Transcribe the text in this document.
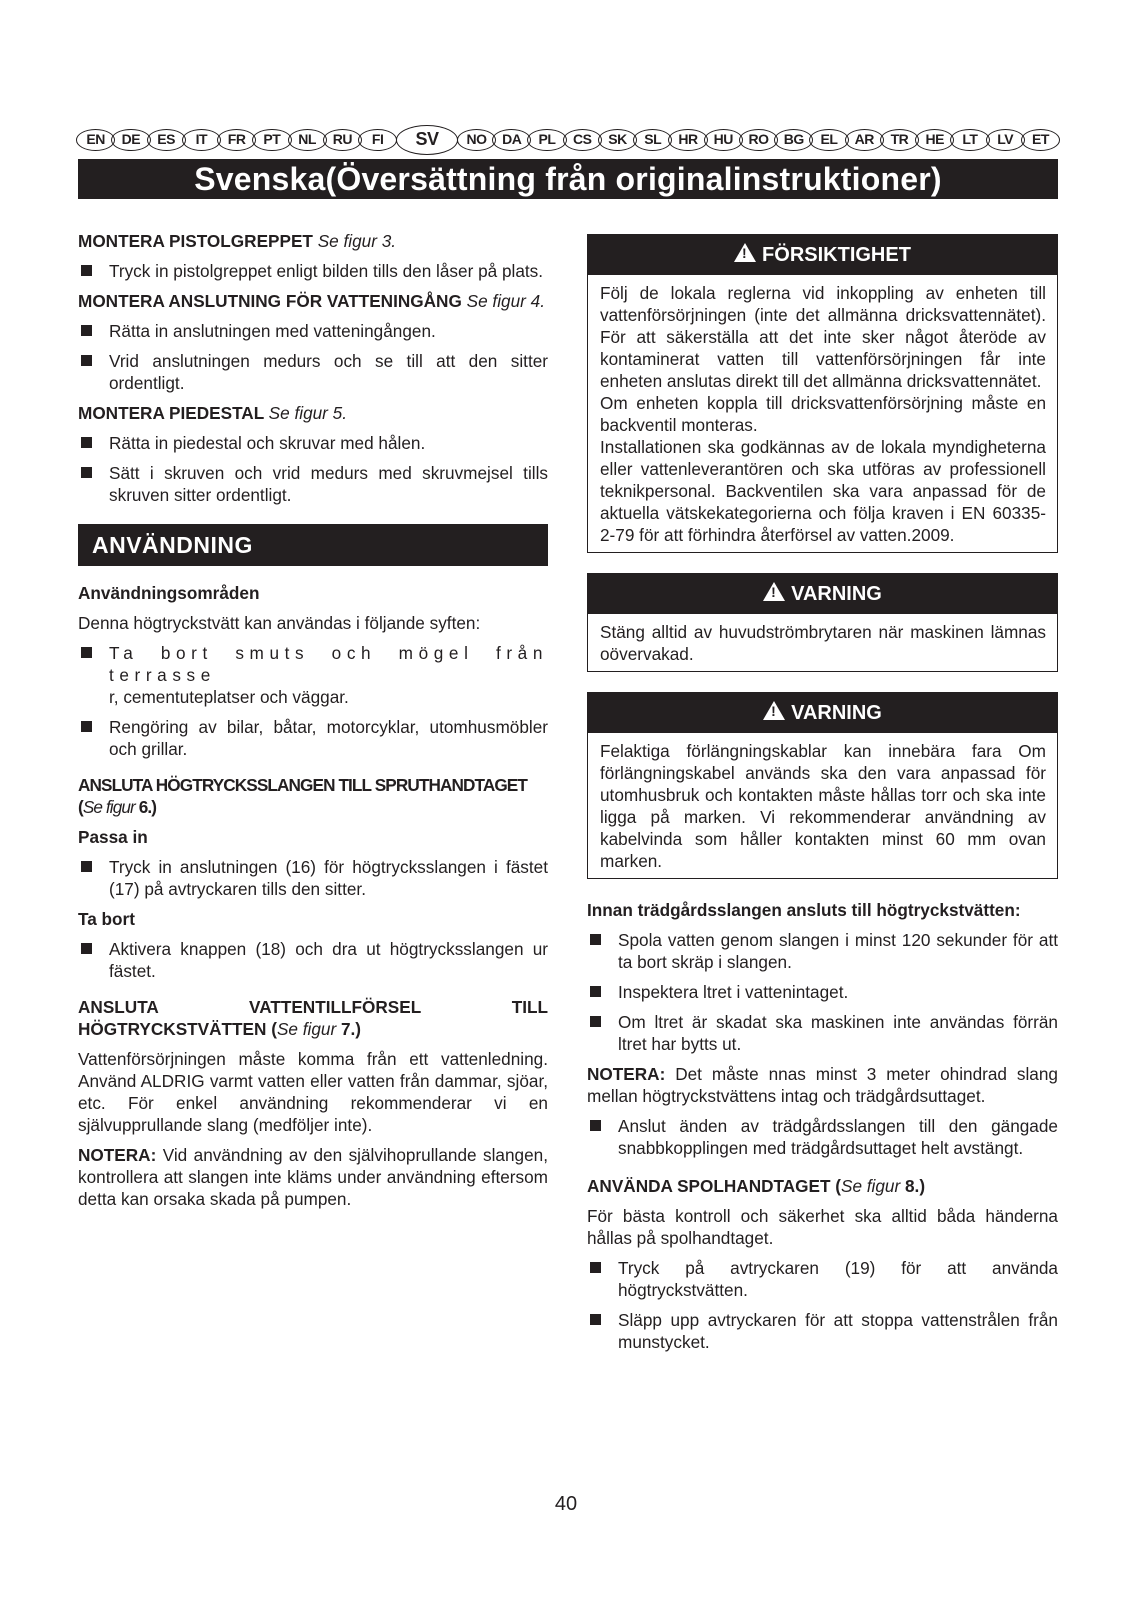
EN	DE	ES	IT	FR	PT	NL	RU	FI	SV	NO	DA	PL	CS	SK	SL	HR	HU	RO	BG	EL	AR	TR	HE	LT	LV	ET
Svenska(Översättning från originalinstruktioner)
MONTERA PISTOLGREPPET Se figur 3.
Tryck in pistolgreppet enligt bilden tills den låser på plats.
MONTERA ANSLUTNING FÖR VATTENINGÅNG Se figur 4.
Rätta in anslutningen med vatteningången.
Vrid anslutningen medurs och se till att den sitter ordentligt.
MONTERA PIEDESTAL Se figur 5.
Rätta in piedestal och skruvar med hålen.
Sätt i skruven och vrid medurs med skruvmejsel tills skruven sitter ordentligt.
ANVÄNDNING
Användningsområden
Denna högtryckstvätt kan användas i följande syften:
Ta bort smuts och mögel från terrasse
r, cementuteplatser och väggar.
Rengöring av bilar, båtar, motorcyklar, utomhusmöbler och grillar.
ANSLUTA HÖGTRYCKSSLANGEN TILL SPRUTHANDTAGET (Se figur 6.)
Passa in
Tryck in anslutningen (16) för högtrycksslangen i fästet (17) på avtryckaren tills den sitter.
Ta bort
Aktivera knappen (18) och dra ut högtrycksslangen ur fästet.
ANSLUTA VATTENTILLFÖRSEL TILL HÖGTRYCKSTVÄTTEN (Se figur 7.)
Vattenförsörjningen måste komma från ett vattenledning. Använd ALDRIG varmt vatten eller vatten från dammar, sjöar, etc. För enkel användning rekommenderar vi en självupprullande slang (medföljer inte).
NOTERA: Vid användning av den självihoprullande slangen, kontrollera att slangen inte kläms under användning eftersom detta kan orsaka skada på pumpen.
!FÖRSIKTIGHET
Följ de lokala reglerna vid inkoppling av enheten till vattenförsörjningen (inte det allmänna dricksvattennätet). För att säkerställa att det inte sker något återöde av kontaminerat vatten till vattenförsörjningen får inte enheten anslutas direkt till det allmänna dricksvattennätet.
Om enheten koppla till dricksvattenförsörjning måste en backventil monteras.
Installationen ska godkännas av de lokala myndigheterna eller vattenleverantören och ska utföras av professionell teknikpersonal. Backventilen ska vara anpassad för de aktuella vätskekategorierna och följa kraven i EN 60335- 2-79 för att förhindra återförsel av vatten.2009.
!VARNING
Stäng alltid av huvudströmbrytaren när maskinen lämnas oövervakad.
!VARNING
Felaktiga förlängningskablar kan innebära fara Om förlängningskabel används ska den vara anpassad för utomhusbruk och kontakten måste hållas torr och ska inte ligga på marken. Vi rekommenderar användning av kabelvinda som håller kontakten minst 60 mm ovan marken.
Innan trädgårdsslangen ansluts till högtryckstvätten:
Spola vatten genom slangen i minst 120 sekunder för att ta bort skräp i slangen.
Inspektera ltret i vattenintaget.
Om ltret är skadat ska maskinen inte användas förrän ltret har bytts ut.
NOTERA: Det måste nnas minst 3 meter ohindrad slang mellan högtryckstvättens intag och trädgårdsuttaget.
Anslut änden av trädgårdsslangen till den gängade snabbkopplingen med trädgårdsuttaget helt avstängt.
ANVÄNDA SPOLHANDTAGET (Se figur 8.)
För bästa kontroll och säkerhet ska alltid båda händerna hållas på spolhandtaget.
Tryck på avtryckaren (19) för att använda högtryckstvätten.
Släpp upp avtryckaren för att stoppa vattenstrålen från munstycket.
40
